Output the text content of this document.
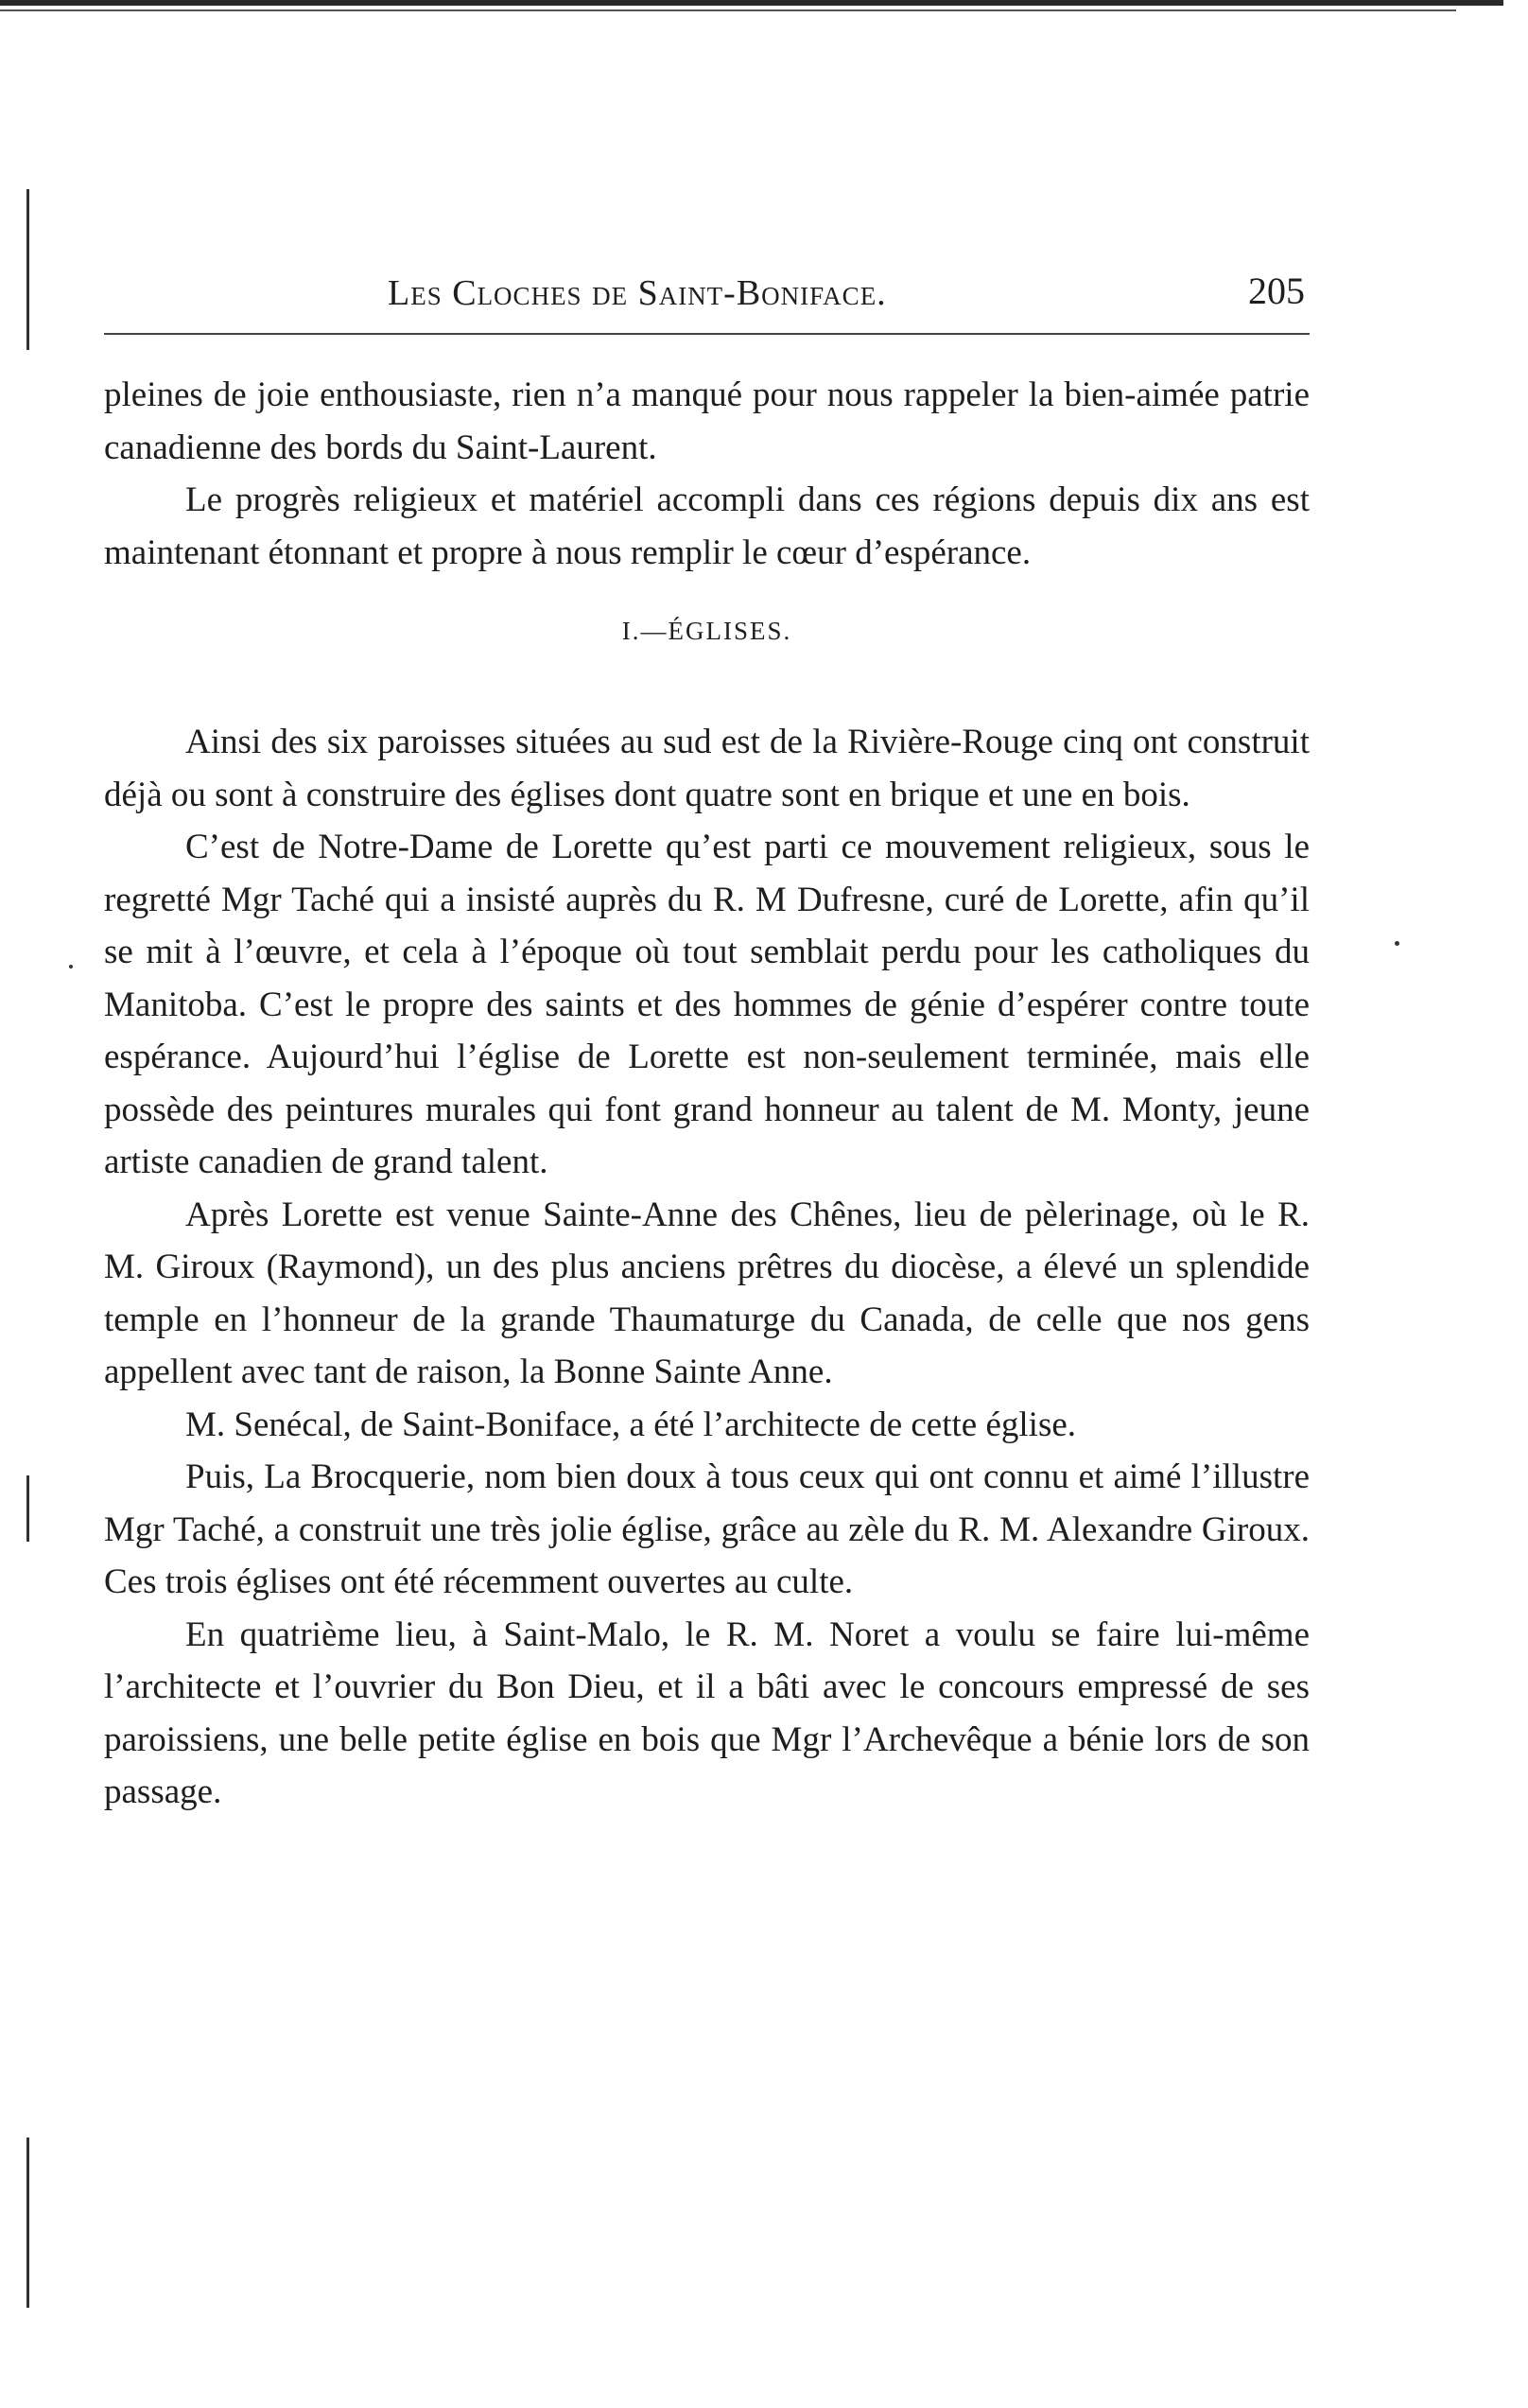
Les Cloches de Saint-Boniface.	205

pleines de joie enthousiaste, rien n’a manqué pour nous rappeler la bien-aimée patrie canadienne des bords du Saint-Laurent.

Le progrès religieux et matériel accompli dans ces régions depuis dix ans est maintenant étonnant et propre à nous remplir le cœur d’espérance.

I.—ÉGLISES.

Ainsi des six paroisses situées au sud est de la Rivière-Rouge cinq ont construit déjà ou sont à construire des églises dont quatre sont en brique et une en bois.

C’est de Notre-Dame de Lorette qu’est parti ce mouvement religieux, sous le regretté Mgr Taché qui a insisté auprès du R. M Dufresne, curé de Lorette, afin qu’il se mit à l’œuvre, et cela à l’époque où tout semblait perdu pour les catholiques du Manitoba. C’est le propre des saints et des hommes de génie d’espérer contre toute espérance. Aujourd’hui l’église de Lorette est non-seulement terminée, mais elle possède des peintures murales qui font grand honneur au talent de M. Monty, jeune artiste canadien de grand talent.

Après Lorette est venue Sainte-Anne des Chênes, lieu de pèlerinage, où le R. M. Giroux (Raymond), un des plus anciens prêtres du diocèse, a élevé un splendide temple en l’honneur de la grande Thaumaturge du Canada, de celle que nos gens appellent avec tant de raison, la Bonne Sainte Anne.

M. Senécal, de Saint-Boniface, a été l’architecte de cette église.

Puis, La Brocquerie, nom bien doux à tous ceux qui ont connu et aimé l’illustre Mgr Taché, a construit une très jolie église, grâce au zèle du R. M. Alexandre Giroux. Ces trois églises ont été récemment ouvertes au culte.

En quatrième lieu, à Saint-Malo, le R. M. Noret a voulu se faire lui-même l’architecte et l’ouvrier du Bon Dieu, et il a bâti avec le concours empressé de ses paroissiens, une belle petite église en bois que Mgr l’Archevêque a bénie lors de son passage.
